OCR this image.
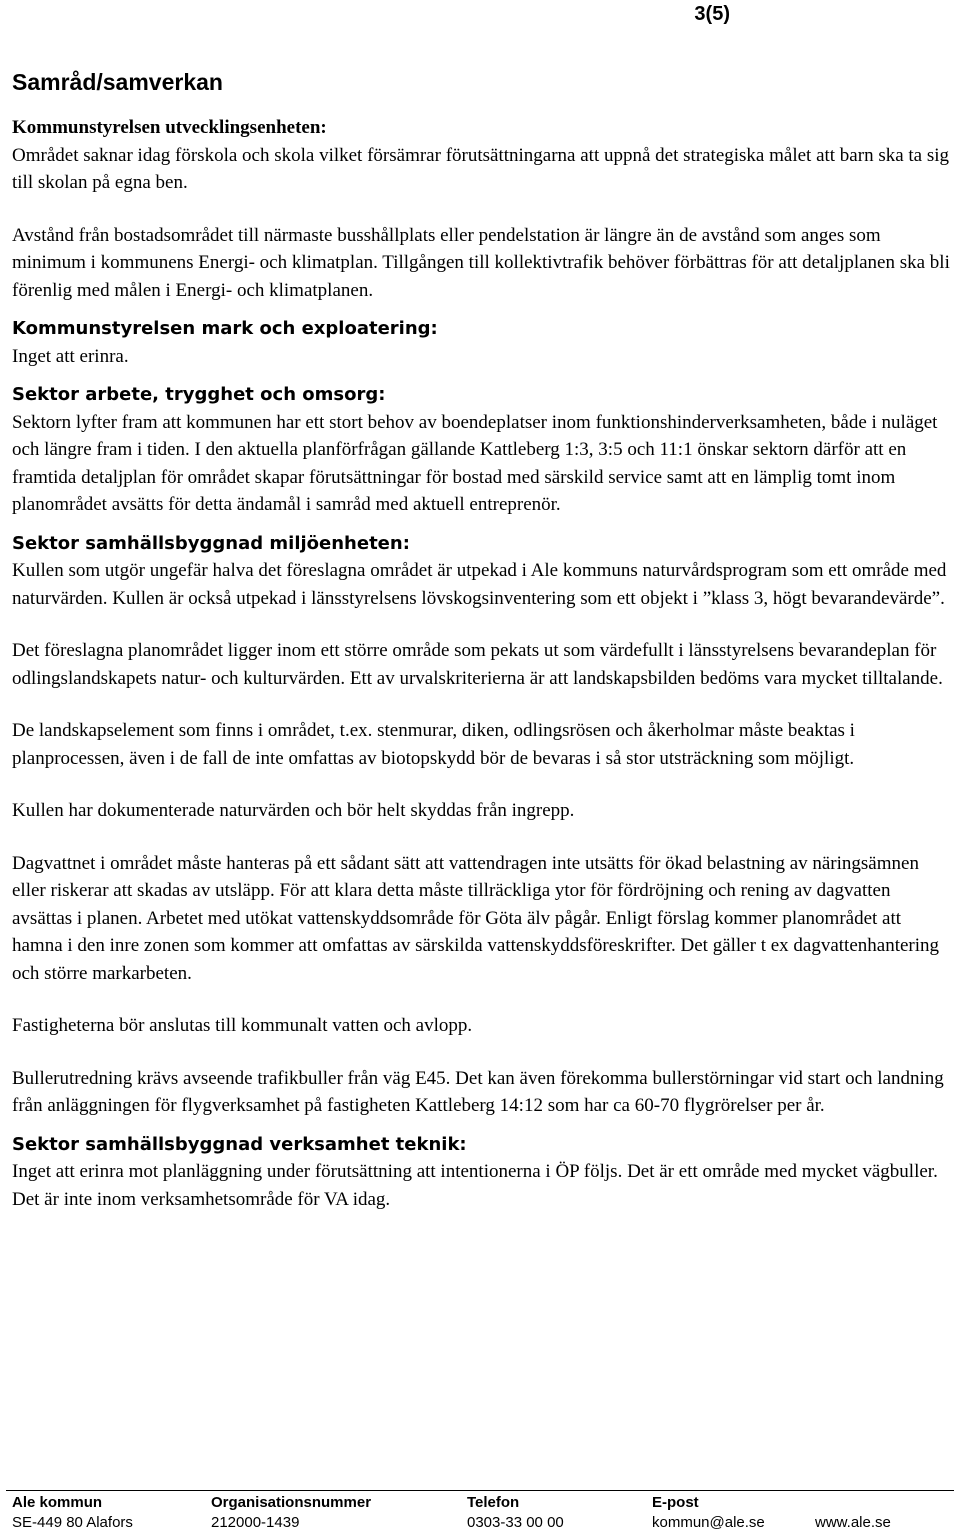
3(5)
Samråd/samverkan

Kommunstyrelsen utvecklingsenheten:

Området saknar idag förskola och skola vilket försämrar förutsättningarna att uppnå det strategiska målet att barn ska ta sig till skolan på egna ben.

Avstånd från bostadsområdet till närmaste busshållplats eller pendelstation är längre än de avstånd som anges som minimum i kommunens Energi- och klimatplan. Tillgången till kollektivtrafik behöver förbättras för att detaljplanen ska bli förenlig med målen i Energi- och klimatplanen.

Kommunstyrelsen mark och exploatering:

Inget att erinra.

Sektor arbete, trygghet och omsorg:

Sektorn lyfter fram att kommunen har ett stort behov av boendeplatser inom funktionshinderverksamheten, både i nuläget och längre fram i tiden. I den aktuella planförfrågan gällande Kattleberg 1:3, 3:5 och 11:1 önskar sektorn därför att en framtida detaljplan för området skapar förutsättningar för bostad med särskild service samt att en lämplig tomt inom planområdet avsätts för detta ändamål i samråd med aktuell entreprenör.

Sektor samhällsbyggnad miljöenheten:

Kullen som utgör ungefär halva det föreslagna området är utpekad i Ale kommuns naturvårdsprogram som ett område med naturvärden. Kullen är också utpekad i länsstyrelsens lövskogsinventering som ett objekt i ”klass 3, högt bevarandevärde”.

Det föreslagna planområdet ligger inom ett större område som pekats ut som värdefullt i länsstyrelsens bevarandeplan för odlingslandskapets natur- och kulturvärden. Ett av urvalskriterierna är att landskapsbilden bedöms vara mycket tilltalande.

De landskapselement som finns i området, t.ex. stenmurar, diken, odlingsrösen och åkerholmar måste beaktas i planprocessen, även i de fall de inte omfattas av biotopskydd bör de bevaras i så stor utsträckning som möjligt.

Kullen har dokumenterade naturvärden och bör helt skyddas från ingrepp.

Dagvattnet i området måste hanteras på ett sådant sätt att vattendragen inte utsätts för ökad belastning av näringsämnen eller riskerar att skadas av utsläpp. För att klara detta måste tillräckliga ytor för fördröjning och rening av dagvatten avsättas i planen. Arbetet med utökat vattenskyddsområde för Göta älv pågår. Enligt förslag kommer planområdet att hamna i den inre zonen som kommer att omfattas av särskilda vattenskyddsföreskrifter. Det gäller t ex dagvattenhantering och större markarbeten.

Fastigheterna bör anslutas till kommunalt vatten och avlopp.

Bullerutredning krävs avseende trafikbuller från väg E45. Det kan även förekomma bullerstörningar vid start och landning från anläggningen för flygverksamhet på fastigheten Kattleberg 14:12 som har ca 60-70 flygrörelser per år.

Sektor samhällsbyggnad verksamhet teknik:

Inget att erinra mot planläggning under förutsättning att intentionerna i ÖP följs. Det är ett område med mycket vägbuller. Det är inte inom verksamhetsområde för VA idag.

Ale kommun
SE-449 80 Alafors
Organisationsnummer
212000-1439
Telefon
0303-33 00 00
E-post
kommun@ale.se	www.ale.se
